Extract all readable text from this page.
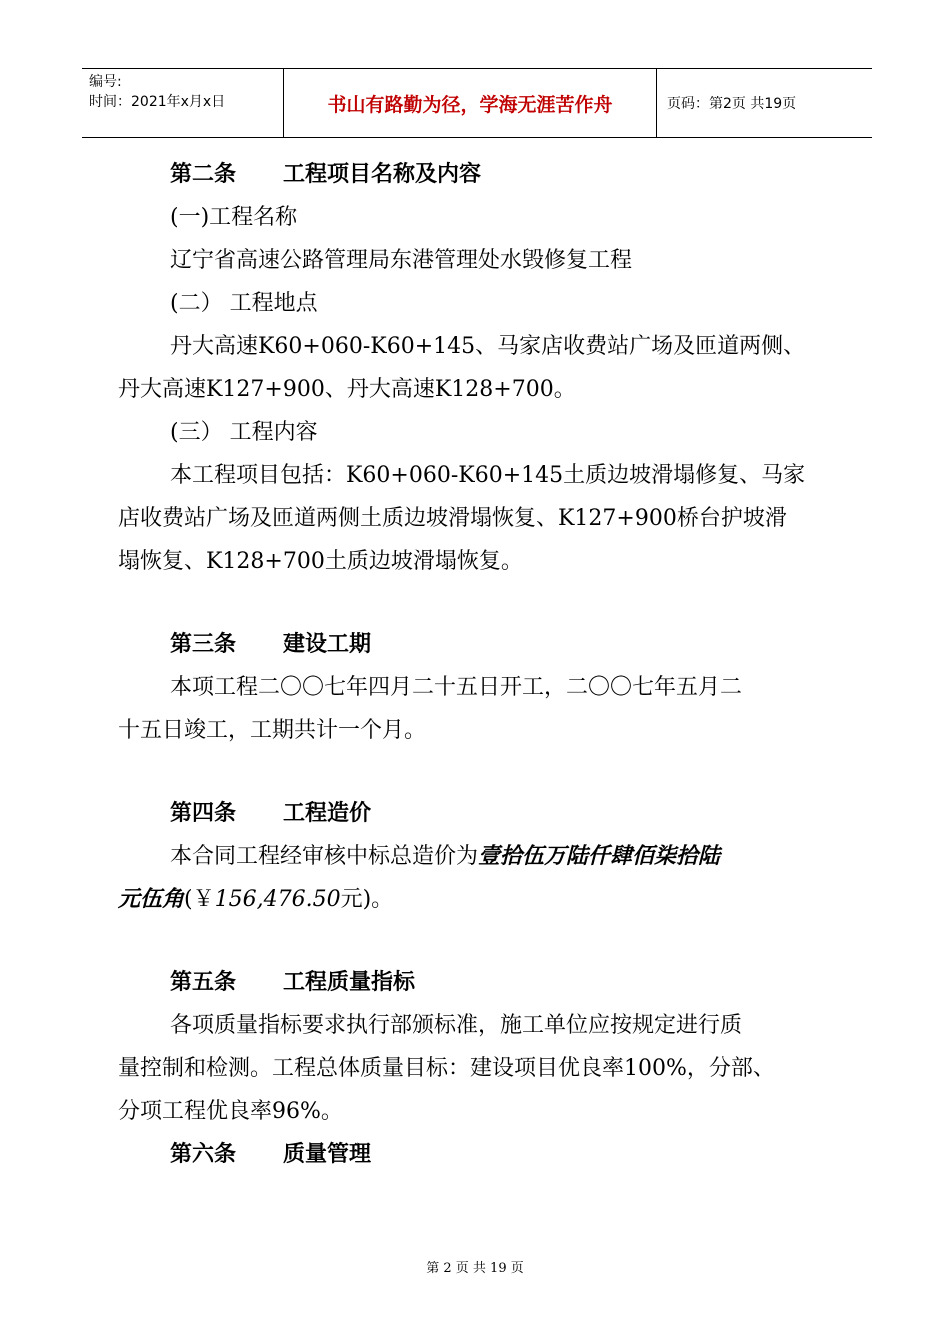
编号:
时间：2021年x月x日	书山有路勤为径，学海无涯苦作舟	页码：第2页 共19页
第二条 工程项目名称及内容
(一)工程名称
辽宁省高速公路管理局东港管理处水毁修复工程
(二） 工程地点
丹大高速K60+060-K60+145、马家店收费站广场及匝道两侧、
丹大高速K127+900、丹大高速K128+700。
(三） 工程内容
本工程项目包括：K60+060-K60+145土质边坡滑塌修复、马家
店收费站广场及匝道两侧土质边坡滑塌恢复、K127+900桥台护坡滑
塌恢复、K128+700土质边坡滑塌恢复。
第三条 建设工期
本项工程二〇〇七年四月二十五日开工，二〇〇七年五月二
十五日竣工，工期共计一个月。
第四条 工程造价
本合同工程经审核中标总造价为壹拾伍万陆仟肆佰柒拾陆
元伍角(￥156,476.50元)。
第五条 工程质量指标
各项质量指标要求执行部颁标准，施工单位应按规定进行质
量控制和检测。工程总体质量目标：建设项目优良率100%，分部、
分项工程优良率96%。
第六条 质量管理
第 2 页 共 19 页
